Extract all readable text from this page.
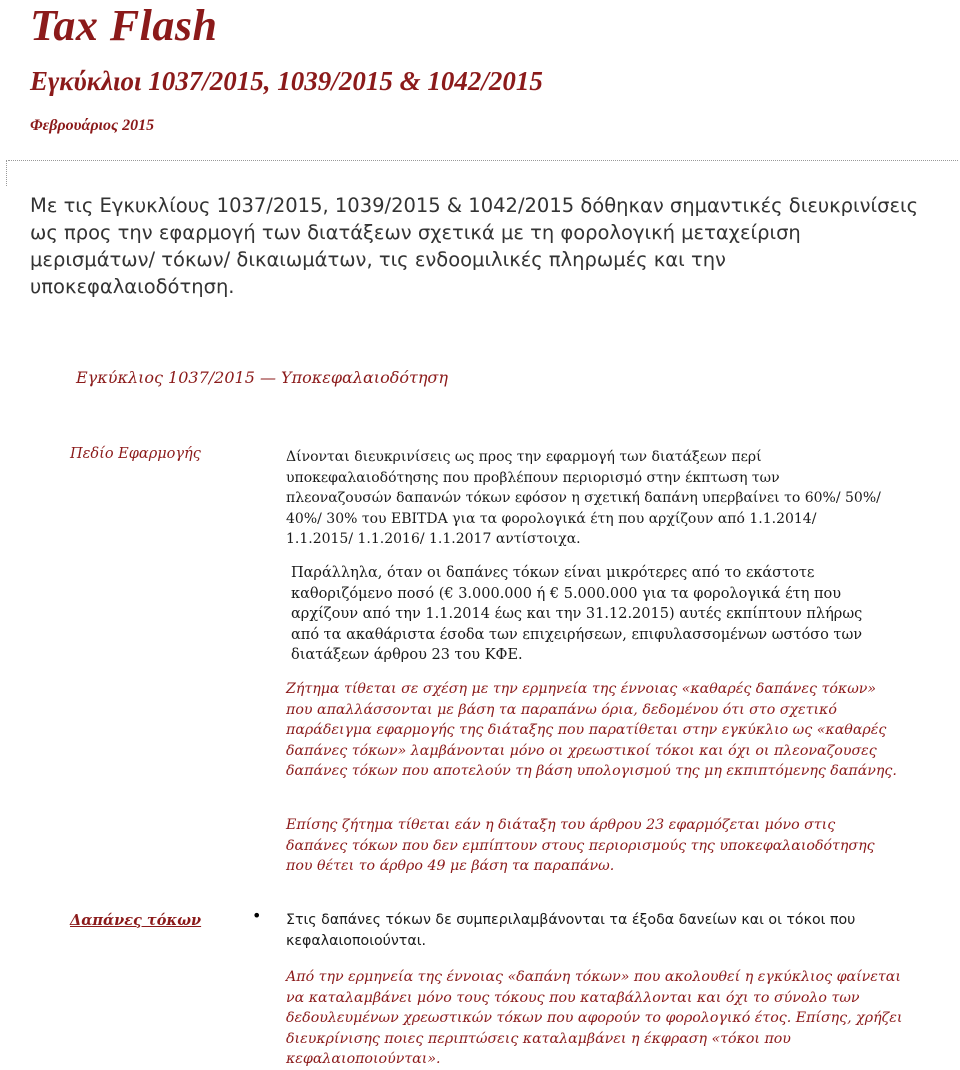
Tax Flash
Εγκύκλιοι 1037/2015, 1039/2015 & 1042/2015
Φεβρουάριος 2015
Με τις Εγκυκλίους 1037/2015, 1039/2015 & 1042/2015 δόθηκαν σημαντικές διευκρινίσεις ως προς την εφαρμογή των διατάξεων σχετικά με τη φορολογική μεταχείριση μερισμάτων/ τόκων/ δικαιωμάτων, τις ενδοομιλικές πληρωμές και την υποκεφαλαιοδότηση.
Εγκύκλιος 1037/2015 — Υποκεφαλαιοδότηση
Πεδίο Εφαρμογής	Δίνονται διευκρινίσεις ως προς την εφαρμογή των διατάξεων περί υποκεφαλαιοδότησης που προβλέπουν περιορισμό στην έκπτωση των πλεοναζουσών δαπανών τόκων εφόσον η σχετική δαπάνη υπερβαίνει το 60%/ 50%/ 40%/ 30% του EBITDA για τα φορολογικά έτη που αρχίζουν από 1.1.2014/ 1.1.2015/ 1.1.2016/ 1.1.2017 αντίστοιχα.

Παράλληλα, όταν οι δαπάνες τόκων είναι μικρότερες από το εκάστοτε καθοριζόμενο ποσό (€ 3.000.000 ή € 5.000.000 για τα φορολογικά έτη που αρχίζουν από την 1.1.2014 έως και την 31.12.2015) αυτές εκπίπτουν πλήρως από τα ακαθάριστα έσοδα των επιχειρήσεων, επιφυλασσομένων ωστόσο των διατάξεων άρθρου 23 του ΚΦΕ.

Ζήτημα τίθεται σε σχέση με την ερμηνεία της έννοιας «καθαρές δαπάνες τόκων» που απαλλάσσονται με βάση τα παραπάνω όρια, δεδομένου ότι στο σχετικό παράδειγμα εφαρμογής της διάταξης που παρατίθεται στην εγκύκλιο ως «καθαρές δαπάνες τόκων» λαμβάνονται μόνο οι χρεωστικοί τόκοι και όχι οι πλεοναζουσες δαπάνες τόκων που αποτελούν τη βάση υπολογισμού της μη εκπιπτόμενης δαπάνης.

Επίσης ζήτημα τίθεται εάν η διάταξη του άρθρου 23 εφαρμόζεται μόνο στις δαπάνες τόκων που δεν εμπίπτουν στους περιορισμούς της υποκεφαλαιοδότησης που θέτει το άρθρο 49 με βάση τα παραπάνω.

Δαπάνες τόκων	• Στις δαπάνες τόκων δε συμπεριλαμβάνονται τα έξοδα δανείων και οι τόκοι που κεφαλαιοποιούνται.

Από την ερμηνεία της έννοιας «δαπάνη τόκων» που ακολουθεί η εγκύκλιος φαίνεται να καταλαμβάνει μόνο τους τόκους που καταβάλλονται και όχι το σύνολο των δεδουλευμένων χρεωστικών τόκων που αφορούν το φορολογικό έτος. Επίσης, χρήζει διευκρίνισης ποιες περιπτώσεις καταλαμβάνει η έκφραση «τόκοι που κεφαλαιοποιούνται».
